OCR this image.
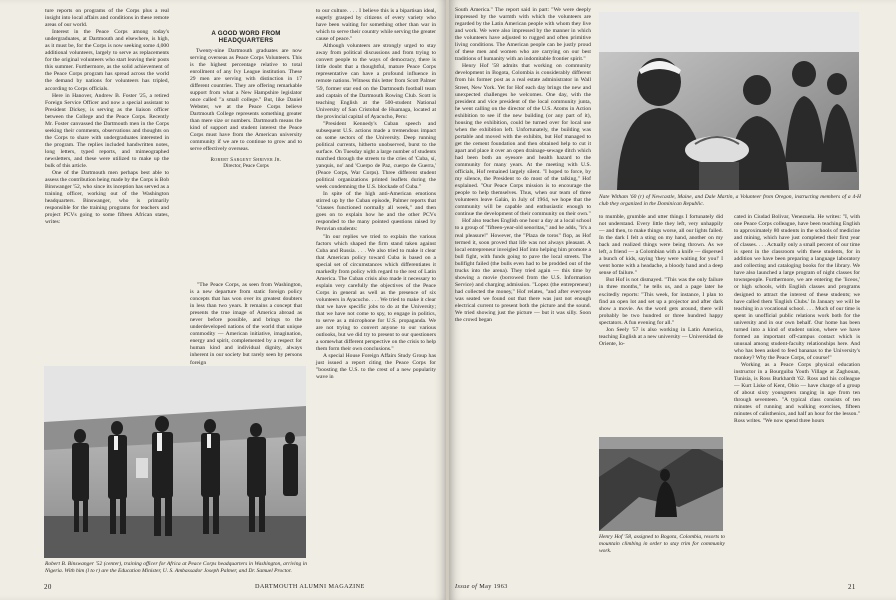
ture reports on programs of the Corps plus a real insight into local affairs and conditions in these remote areas of our world.

Interest in the Peace Corps among today's undergraduates, at Dartmouth and elsewhere, is high, as it must be, for the Corps is now seeking some 4,000 additional volunteers, largely to serve as replacements for the original volunteers who start leaving their posts this summer. Furthermore, as the solid achievement of the Peace Corps program has spread across the world the demand by nations for volunteers has tripled, according to Corps officials.

Here in Hanover, Andrew B. Foster '25, a retired Foreign Service Officer and now a special assistant to President Dickey, is serving as the liaison officer between the College and the Peace Corps. Recently Mr. Foster canvassed the Dartmouth men in the Corps seeking their comments, observations and thoughts on the Corps to share with undergraduates interested in the program. The replies included handwritten notes, long letters, typed reports, and mimeographed newsletters, and these were utilized to make up the bulk of this article.

One of the Dartmouth men perhaps best able to assess the contribution being made by the Corps is Bob Binswanger '52, who since its inception has served as a training officer, working out of the Washington headquarters. Binswanger, who is primarily responsible for the training programs for teachers and project PCVs going to some fifteen African states, writes:

A GOOD WORD FROM HEADQUARTERS
Twenty-nine Dartmouth graduates are now serving overseas as Peace Corps Volunteers. This is the highest percentage relative to total enrollment of any Ivy League institution. These 29 men are serving with distinction in 17 different countries. They are offering remarkable support from what a New Hampshire legislator once called "a small college." But, like Daniel Webster, we at the Peace Corps believe Dartmouth College represents something greater than mere size or numbers. Dartmouth means the kind of support and student interest the Peace Corps must have from the American university community if we are to continue to grow and to serve effectively overseas.
Robert Sargent Shriver Jr.
Director, Peace Corps

"The Peace Corps, as seen from Washington, is a new departure from static foreign policy concepts that has won over its greatest doubters in less than two years. It remains a concept that presents the true image of America abroad as never before possible, and brings to the underdeveloped nations of the world that unique commodity — American initiative, imagination, energy and spirit, complemented by a respect for human kind and individual dignity, always inherent in our society but rarely seen by persons foreign

to our culture. . . . I believe this is a bipartisan ideal, eagerly grasped by citizens of every variety who have been waiting for something other than war in which to serve their country while serving the greater cause of peace."

Although volunteers are strongly urged to stay away from political discussions and from trying to convert people to the ways of democracy, there is little doubt that a thoughtful, mature Peace Corps representative can have a profound influence in remote nations. Witness this letter from Scott Palmer '59, former star end on the Dartmouth football team and captain of the Dartmouth Rowing Club. Scott is teaching English at the 500-student National University of San Cristobal de Huamaga, located at the provincial capital of Ayacucho, Peru:

"President Kennedy's Cuban speech and subsequent U.S. actions made a tremendous impact on some sectors of the University. Deep running political currents, hitherto unobserved, burst to the surface. On Tuesday night a large number of students marched through the streets to the cries of 'Cuba, sí, yanquis, no' and 'Cuerpo de Paz, cuerpo de Guerra,' (Peace Corps, War Corps). Three different student political organizations printed leaflets during the week condemning the U.S. blockade of Cuba."

In spite of the high anti-American emotions stirred up by the Cuban episode, Palmer reports that "classes functioned normally all week," and then goes on to explain how he and the other PCVs responded to the many pointed questions raised by Peruvian students:

"In our replies we tried to explain the various factors which shaped the firm stand taken against Cuba and Russia. . . . We also tried to make it clear that American policy toward Cuba is based on a special set of circumstances which differentiates it markedly from policy with regard to the rest of Latin America. The Cuban crisis also made it necessary to explain very carefully the objectives of the Peace Corps in general as well as the presence of six volunteers in Ayacucho. . . . We tried to make it clear that we have specific jobs to do at the University; that we have not come to spy, to engage in politics, to serve as a microphone for U.S. propaganda. We are not trying to convert anyone to our various outlooks, but we did try to present to our questioners a somewhat different perspective on the crisis to help them form their own conclusions."

A special House Foreign Affairs Study Group has just issued a report citing the Peace Corps for "boosting the U.S. to the crest of a new popularity wave in

Robert B. Binswanger '52 (center), training officer for Africa at Peace Corps headquarters in Washington, arriving in Nigeria. With him (l to r) are the Education Minister, U. S. Ambassador Joseph Palmer, and Dr. Samuel Proctor.
20	DARTMOUTH ALUMNI MAGAZINE

South America." The report said in part: "We were deeply impressed by the warmth with which the volunteers are regarded by the Latin American people with whom they live and work. We were also impressed by the manner in which the volunteers have adjusted to rugged and often primitive living conditions. The American people can be justly proud of these men and women who are carrying on our best traditions of humanity with an indomitable frontier spirit."

Henry Hof '58 admits that working on community development in Bogota, Colombia is considerably different from his former post as a real estate administrator in Wall Street, New York. Yet for Hof each day brings the new and unexpected challenges he welcomes. One day, with the president and vice president of the local community junta, he went calling on the director of the U.S. Atoms in Action exhibition to see if the new building (or any part of it), housing the exhibition, could be turned over for local use when the exhibition left. Unfortunately, the building was portable and moved with the exhibits, but Hof managed to get the cement foundation and then obtained help to cut it apart and place it over an open drainage-sewage ditch which had been both an eyesore and health hazard to the community for many years. At the meeting with U.S. officials, Hof remained largely silent. "I hoped to force, by my silence, the President to do most of the talking," Hof explained. "Our Peace Corps mission is to encourage the people to help themselves. Thus, when our team of three volunteers leave Galán, in July of 1964, we hope that the community will be capable and enthusiastic enough to continue the development of their community on their own."

Hof also teaches English one hour a day at a local school to a group of "fifteen-year-old senoritas," and he adds, "it's a real pleasure!" However, the "Plaza de toros" flop, as Hof termed it, soon proved that life was not always pleasant. A local entrepreneur inveigled Hof into helping him promote a bull fight, with funds going to pave the local streets. The bullfight failed (the bulls even had to be prodded out of the trucks into the arena). They tried again — this time by showing a movie (borrowed from the U.S. Information Service) and charging admission. "Lopez (the entrepreneur) had collected the money," Hof relates, "and after everyone was seated we found out that there was just not enough electrical current to present both the picture and the sound. We tried showing just the picture — but it was silly. Soon the crowd began

Nate Witham '60 (r) of Newcastle, Maine, and Dale Martin, a Volunteer from Oregon, instructing members of a 4-H club they organized in the Dominican Republic.

to mumble, grumble and utter things I fortunately did not understand. Every little they left, very unhappily — and then, to make things worse, all our lights failed. In the dark I felt a sting on my hand, another on my back and realized things were being thrown. As we left, a friend — a Colombian with a knife — dispersed a bunch of kids, saying 'they were waiting for you!' I went home with a headache, a bloody hand and a deep sense of failure."

But Hof is not dismayed. "This was the only failure in three months," he tells us, and a page later he excitedly reports: "This week, for instance, I plan to find an open lot and set up a projector and after dark show a movie. As the word gets around, there will probably be two hundred or three hundred happy spectators. A fun evening for all."

Jon Seely '57 is also working in Latin America, teaching English at a new university — Universidad de Oriente, lo-

Henry Hof '58, assigned to Bogota, Colombia, resorts to mountain climbing in order to stay trim for community work.

cated in Ciudad Bolivar, Venezuela. He writes: "I, with one Peace Corps colleague, have been teaching English to approximately 80 students in the schools of medicine and mining, which have just completed their first year of classes. . . . Actually only a small percent of our time is spent in the classroom with these students, for in addition we have been preparing a language laboratory and collecting and cataloging books for the library. We have also launched a large program of night classes for townspeople. Furthermore, we are entering the 'liceos,' or high schools, with English classes and programs designed to attract the interest of these students; we have called them 'English Clubs.' In January we will be teaching in a vocational school. . . . Much of our time is spent in unofficial public relations work both for the university and in our own behalf. Our home has been turned into a kind of student union, where we have formed an important off-campus contact which is unusual among student-faculty relationships here. And who has been asked to feed bananas to the University's monkey? Why the Peace Corps, of course!"

Working as a Peace Corps physical education instructor in a Bourguiba Youth Village at Zaghouan, Tunisia, is Ross Burkhardt '62. Ross and his colleague — Kurt Liske of Kent, Ohio — have charge of a group of about sixty youngsters ranging in age from ten through seventeen. "A typical class consists of ten minutes of running and walking exercises, fifteen minutes of calisthenics, and half an hour for the lesson." Ross writes. "We now spend three hours

Issue of May 1963	21
